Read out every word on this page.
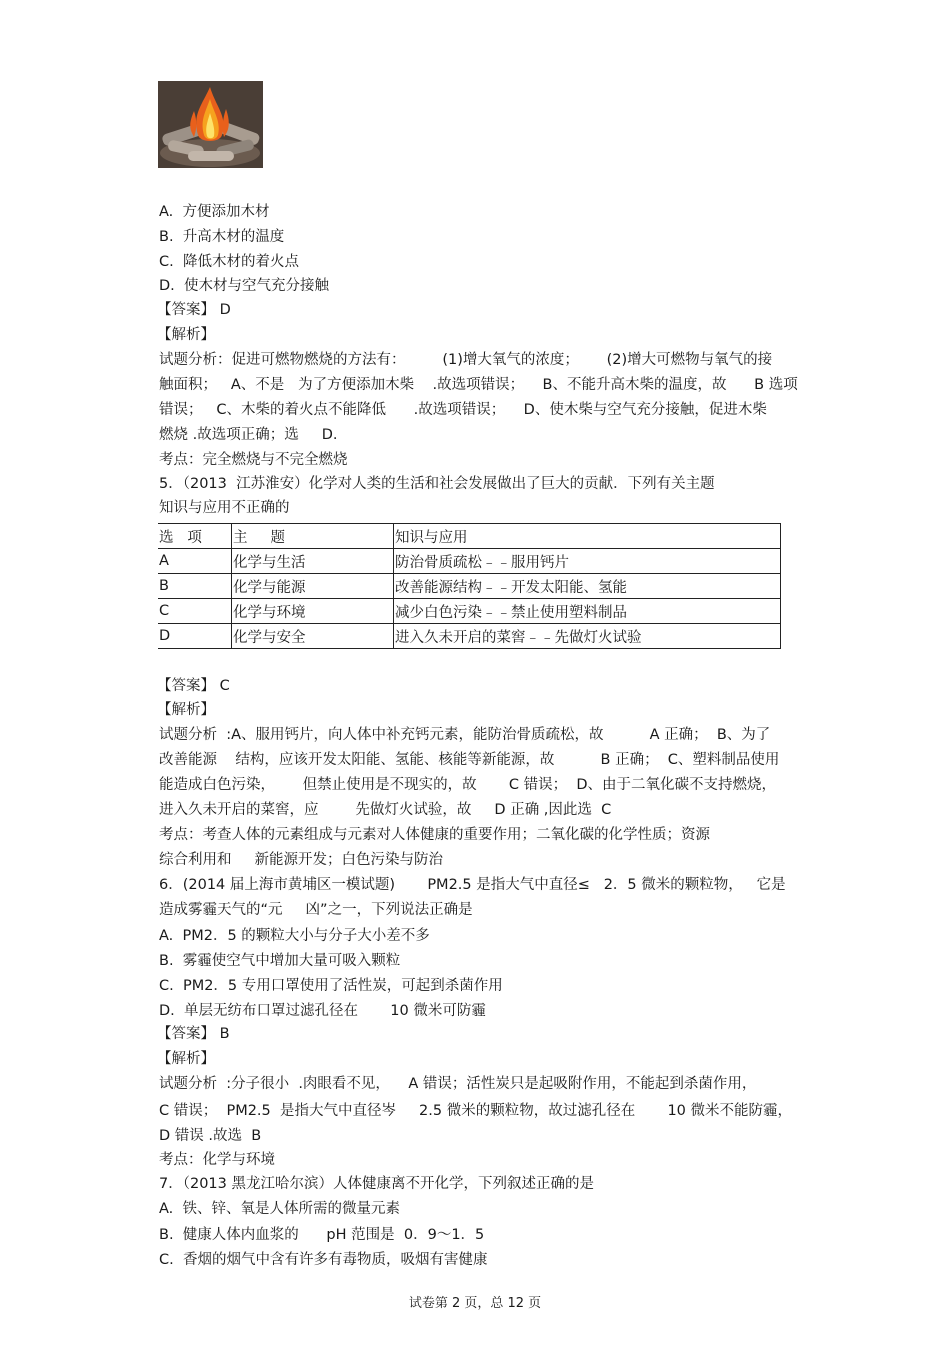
A.  方便添加木材
B.  升高木材的温度
C.  降低木材的着火点
D.  使木材与空气充分接触
【答案】 D
【解析】
试题分析：促进可燃物燃烧的方法有：        (1)增大氧气的浓度；      (2)增大可燃物与氧气的接
触面积；   A、不是   为了方便添加木柴    .故选项错误；    B、不能升高木柴的温度，故      B 选项
错误；   C、木柴的着火点不能降低      .故选项错误；    D、使木柴与空气充分接触，促进木柴
燃烧 .故选项正确；选     D.
考点：完全燃烧与不完全燃烧
5．（2013  江苏淮安）化学对人类的生活和社会发展做出了巨大的贡献．下列有关主题
知识与应用不正确的
选   项	主     题	知识与应用
A	化学与生活	防治骨质疏松﹣﹣服用钙片
B	化学与能源	改善能源结构﹣﹣开发太阳能、氢能
C	化学与环境	减少白色污染﹣﹣禁止使用塑料制品
D	化学与安全	进入久未开启的菜窖﹣﹣先做灯火试验
【答案】 C
【解析】
试题分析  :A、服用钙片，向人体中补充钙元素，能防治骨质疏松，故          A 正确；  B、为了
改善能源    结构，应该开发太阳能、氢能、核能等新能源，故          B 正确；  C、塑料制品使用
能造成白色污染，      但禁止使用是不现实的，故       C 错误；  D、由于二氧化碳不支持燃烧，
进入久未开启的菜窖，应        先做灯火试验，故     D 正确 ,因此选  C
考点：考查人体的元素组成与元素对人体健康的重要作用；二氧化碳的化学性质；资源
综合利用和     新能源开发；白色污染与防治
6．(2014 届上海市黄埔区一模试题)       PM2.5 是指大气中直径≤   2．5 微米的颗粒物，   它是
造成雾霾天气的“元     凶”之一，下列说法正确是
A.  PM2．5 的颗粒大小与分子大小差不多
B.  雾霾使空气中增加大量可吸入颗粒
C.  PM2．5 专用口罩使用了活性炭，可起到杀菌作用
D.  单层无纺布口罩过滤孔径在       10 微米可防霾
【答案】 B
【解析】
试题分析  :分子很小  .肉眼看不见，    A 错误；活性炭只是起吸附作用，不能起到杀菌作用，
C 错误；  PM2.5  是指大气中直径岑     2.5 微米的颗粒物，故过滤孔径在       10 微米不能防霾，
D 错误 .故选  B
考点：化学与环境
7．（2013 黑龙江哈尔滨）人体健康离不开化学，下列叙述正确的是
A.  铁、锌、氧是人体所需的微量元素
B.  健康人体内血浆的      pH 范围是  0．9～1．5
C.  香烟的烟气中含有许多有毒物质，吸烟有害健康
试卷第 2 页，总 12 页
